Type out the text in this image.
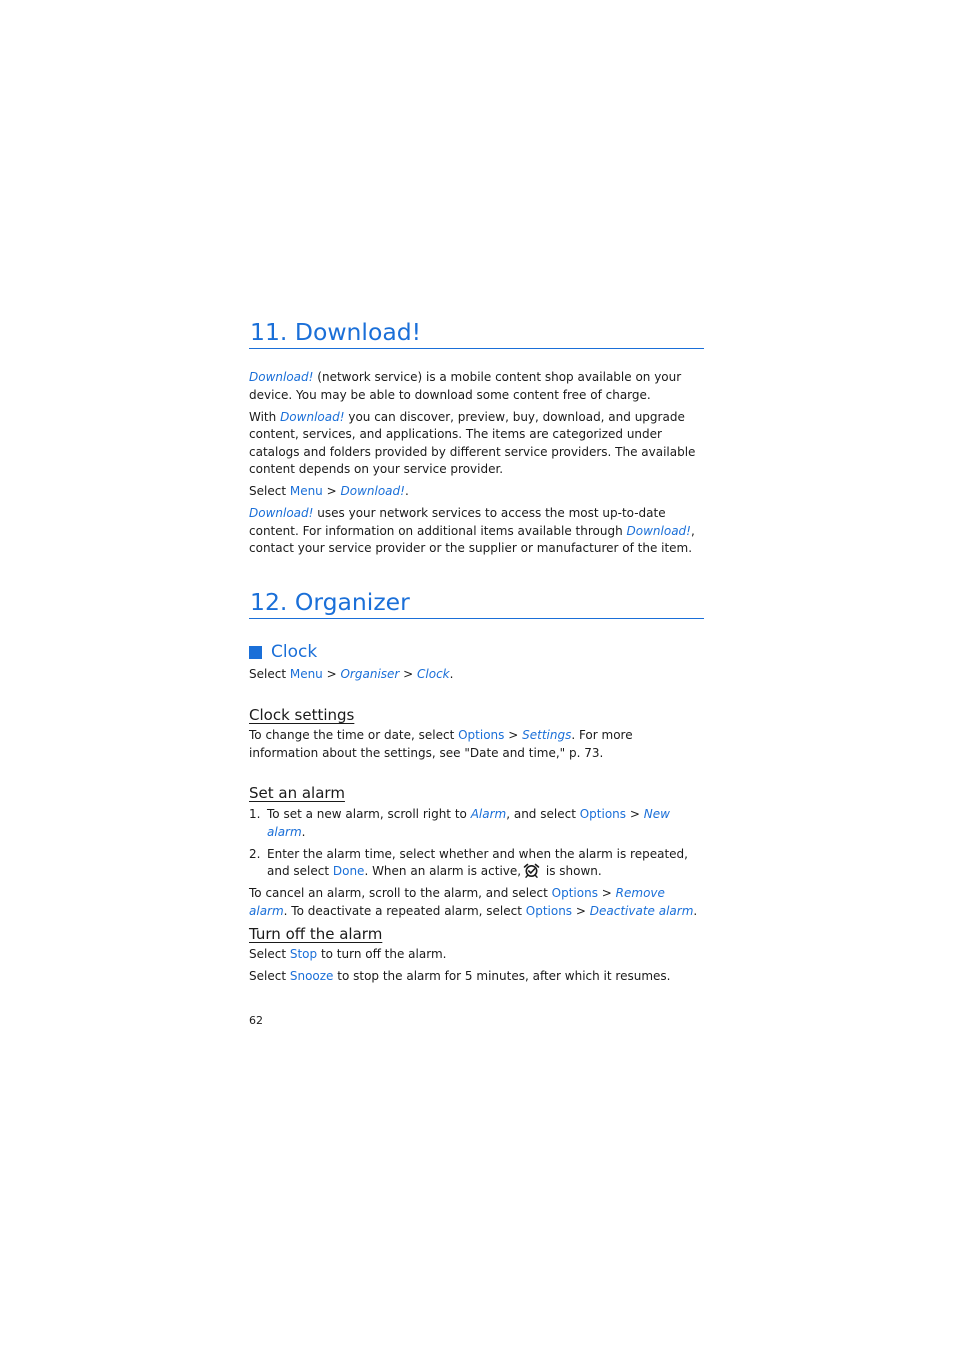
11. Download!

Download! (network service) is a mobile content shop available on your device. You may be able to download some content free of charge.

With Download! you can discover, preview, buy, download, and upgrade content, services, and applications. The items are categorized under catalogs and folders provided by different service providers. The available content depends on your service provider.

Select Menu > Download!.

Download! uses your network services to access the most up-to-date content. For information on additional items available through Download!, contact your service provider or the supplier or manufacturer of the item.

12. Organizer
Clock

Select Menu > Organiser > Clock.

Clock settings

To change the time or date, select Options > Settings. For more information about the settings, see "Date and time," p. 73.

Set an alarm
1. To set a new alarm, scroll right to Alarm, and select Options > New alarm.
2. Enter the alarm time, select whether and when the alarm is repeated, and select Done. When an alarm is active, is shown.

To cancel an alarm, scroll to the alarm, and select Options > Remove alarm. To deactivate a repeated alarm, select Options > Deactivate alarm.

Turn off the alarm

Select Stop to turn off the alarm.

Select Snooze to stop the alarm for 5 minutes, after which it resumes.

62
